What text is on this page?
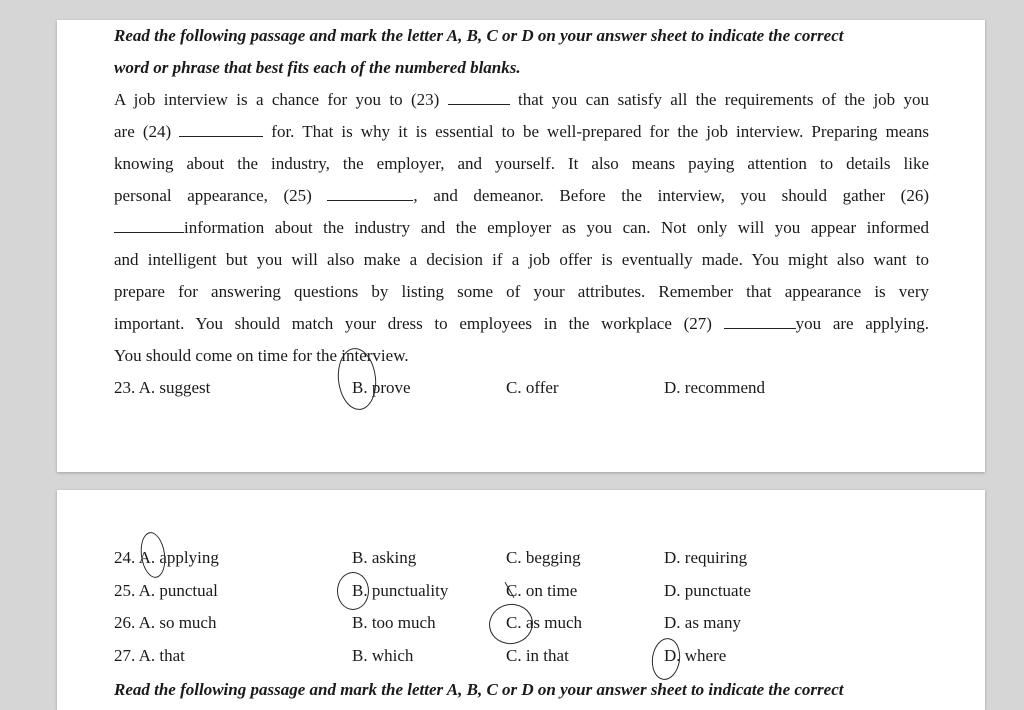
Read the following passage and mark the letter A, B, C or D on your answer sheet to indicate the correct
word or phrase that best fits each of the numbered blanks.
A job interview is a chance for you to (23)	that you can satisfy all the requirements of the job you
are (24)	for. That is why it is essential to be well-prepared for the job interview. Preparing means
knowing about the industry, the employer, and yourself. It also means paying attention to details like
personal appearance, (25)	, and demeanor. Before the interview, you should gather (26)
information about the industry and the employer as you can. Not only will you appear informed
and intelligent but you will also make a decision if a job offer is eventually made. You might also want to
prepare for answering questions by listing some of your attributes. Remember that appearance is very
important. You should match your dress to employees in the workplace (27)	you are applying.
You should come on time for the interview.
23. A. suggest	B. prove	C. offer	D. recommend
24. A. applying	B. asking	C. begging	D. requiring
25. A. punctual	B. punctuality	C. on time	D. punctuate
26. A. so much	B. too much	C. as much	D. as many
27. A. that	B. which	C. in that	D. where
Read the following passage and mark the letter A, B, C or D on your answer sheet to indicate the correct
